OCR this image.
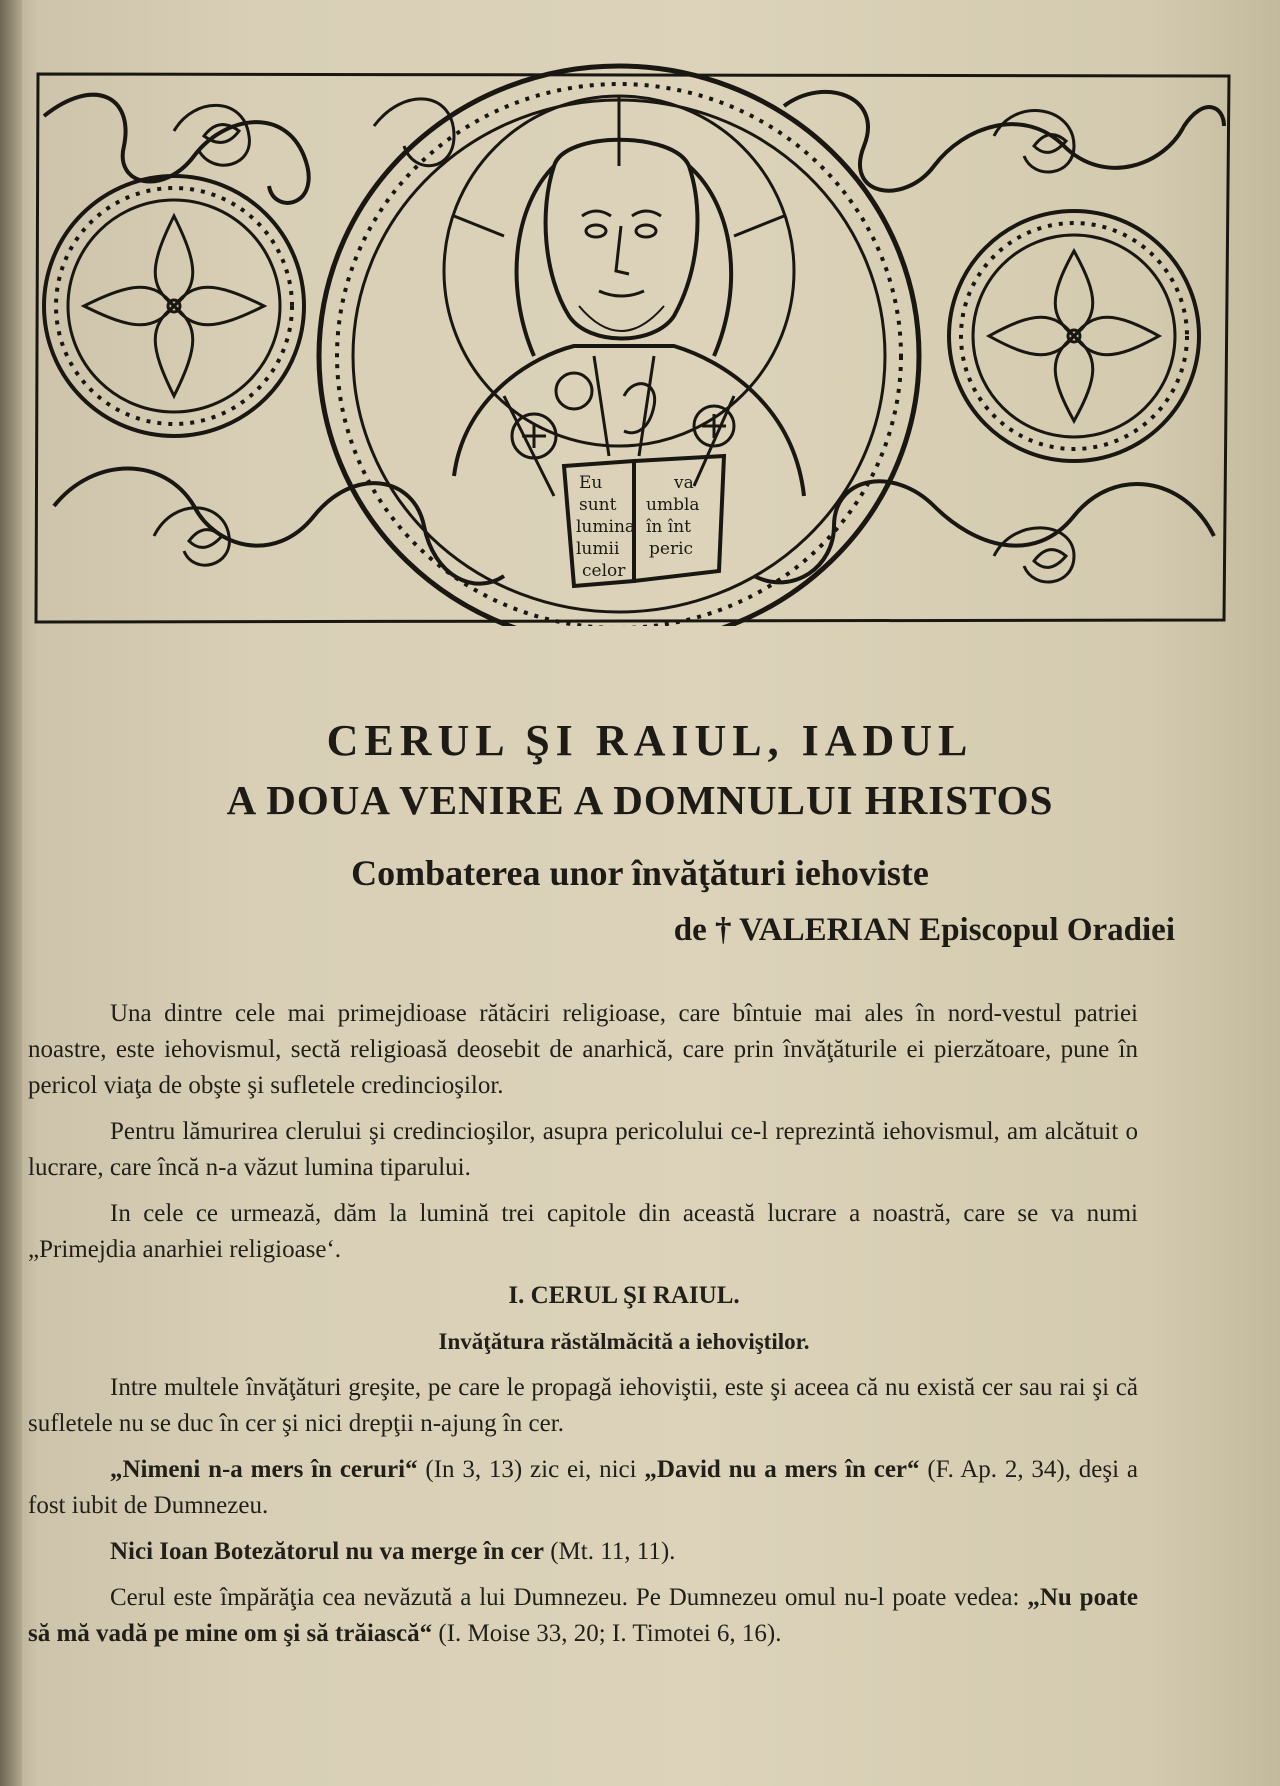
Eu
sunt
lumina
lumii
celor
va
umbla
în înt
peric
CERUL ŞI RAIUL, IADUL
A DOUA VENIRE A DOMNULUI HRISTOS
Combaterea unor învăţături iehoviste
de † VALERIAN Episcopul Oradiei

Una dintre cele mai primejdioase rătăciri religioase, care bîntuie mai ales în nord-vestul patriei noastre, este iehovismul, sectă religioasă deosebit de anarhică, care prin învăţăturile ei pierzătoare, pune în pericol viaţa de obşte şi sufletele credincioşilor.

Pentru lămurirea clerului şi credincioşilor, asupra pericolului ce-l reprezintă iehovismul, am alcătuit o lucrare, care încă n-a văzut lumina tiparului.

In cele ce urmează, dăm la lumină trei capitole din această lucrare a noastră, care se va numi „Primejdia anarhiei religioase‘.

I. CERUL ŞI RAIUL.

Invăţătura răstălmăcită a iehoviştilor.

Intre multele învăţături greşite, pe care le propagă iehoviştii, este şi aceea că nu există cer sau rai şi că sufletele nu se duc în cer şi nici drepţii n-ajung în cer.

„Nimeni n-a mers în ceruri“ (In 3, 13) zic ei, nici „David nu a mers în cer“ (F. Ap. 2, 34), deşi a fost iubit de Dumnezeu.

Nici Ioan Botezătorul nu va merge în cer (Mt. 11, 11).

Cerul este împărăţia cea nevăzută a lui Dumnezeu. Pe Dumnezeu omul nu-l poate vedea: „Nu poate să mă vadă pe mine om şi să trăiască“ (I. Moise 33, 20; I. Timotei 6, 16).
